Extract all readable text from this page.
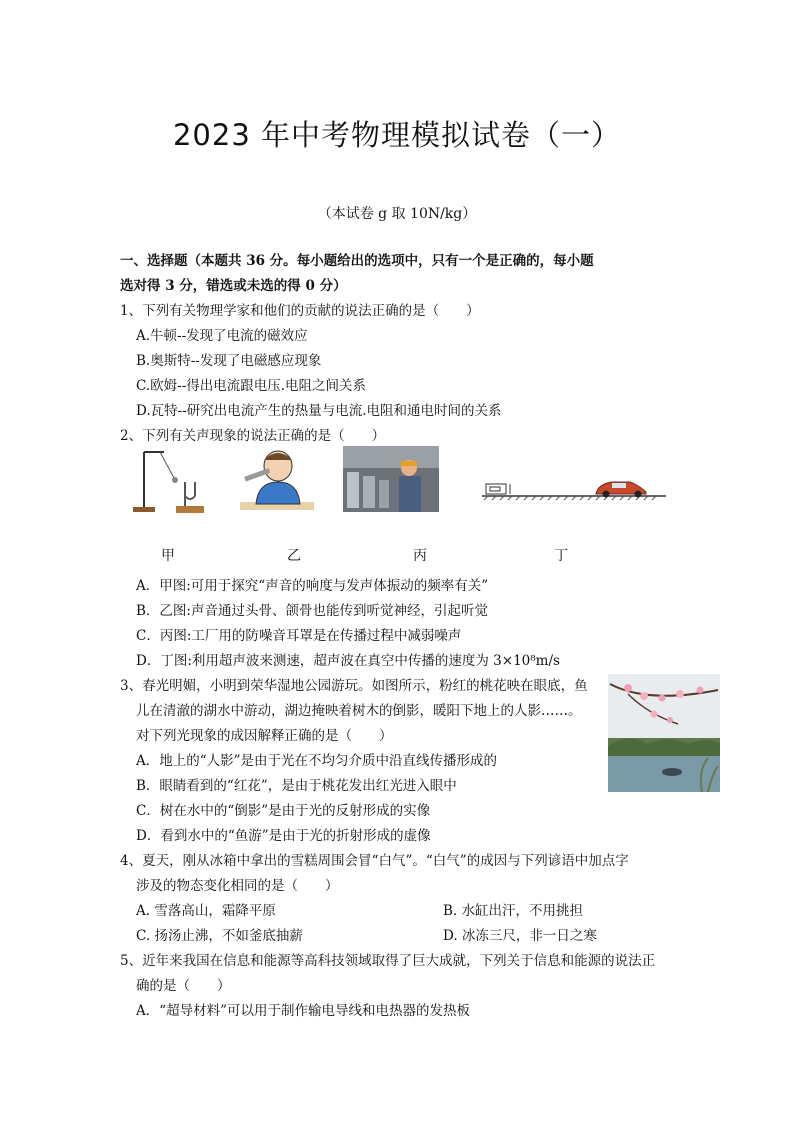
2023 年中考物理模拟试卷（一）
（本试卷 g 取 10N/kg）
一、选择题（本题共 36 分。每小题给出的选项中，只有一个是正确的，每小题
选对得 3 分，错选或未选的得 0 分）
1、下列有关物理学家和他们的贡献的说法正确的是（　　）
A.牛顿--发现了电流的磁效应
B.奥斯特--发现了电磁感应现象
C.欧姆--得出电流跟电压.电阻之间关系
D.瓦特--研究出电流产生的热量与电流.电阻和通电时间的关系
2、下列有关声现象的说法正确的是（　　）
甲	乙	丙	丁
A．甲图:可用于探究“声音的响度与发声体振动的频率有关”
B．乙图:声音通过头骨、颌骨也能传到听觉神经，引起听觉
C．丙图:工厂用的防噪音耳罩是在传播过程中减弱噪声
D．丁图:利用超声波来测速，超声波在真空中传播的速度为 3×10⁸m/s
3、春光明媚，小明到荣华湿地公园游玩。如图所示，粉红的桃花映在眼底，鱼
儿在清澈的湖水中游动，湖边掩映着树木的倒影，暖阳下地上的人影……。
对下列光现象的成因解释正确的是（　　）
A．地上的“人影”是由于光在不均匀介质中沿直线传播形成的
B．眼睛看到的“红花”，是由于桃花发出红光进入眼中
C．树在水中的“倒影”是由于光的反射形成的实像
D．看到水中的“鱼游”是由于光的折射形成的虚像
4、夏天，刚从冰箱中拿出的雪糕周围会冒“白气”。“白气”的成因与下列谚语中加点字
涉及的物态变化相同的是（　　）
A. 雪落高山，霜降平原	B. 水缸出汗，不用挑担
C. 扬汤止沸，不如釜底抽薪	D. 冰冻三尺，非一日之寒
5、近年来我国在信息和能源等高科技领域取得了巨大成就，下列关于信息和能源的说法正
确的是（　　）
A．“超导材料”可以用于制作输电导线和电热器的发热板
